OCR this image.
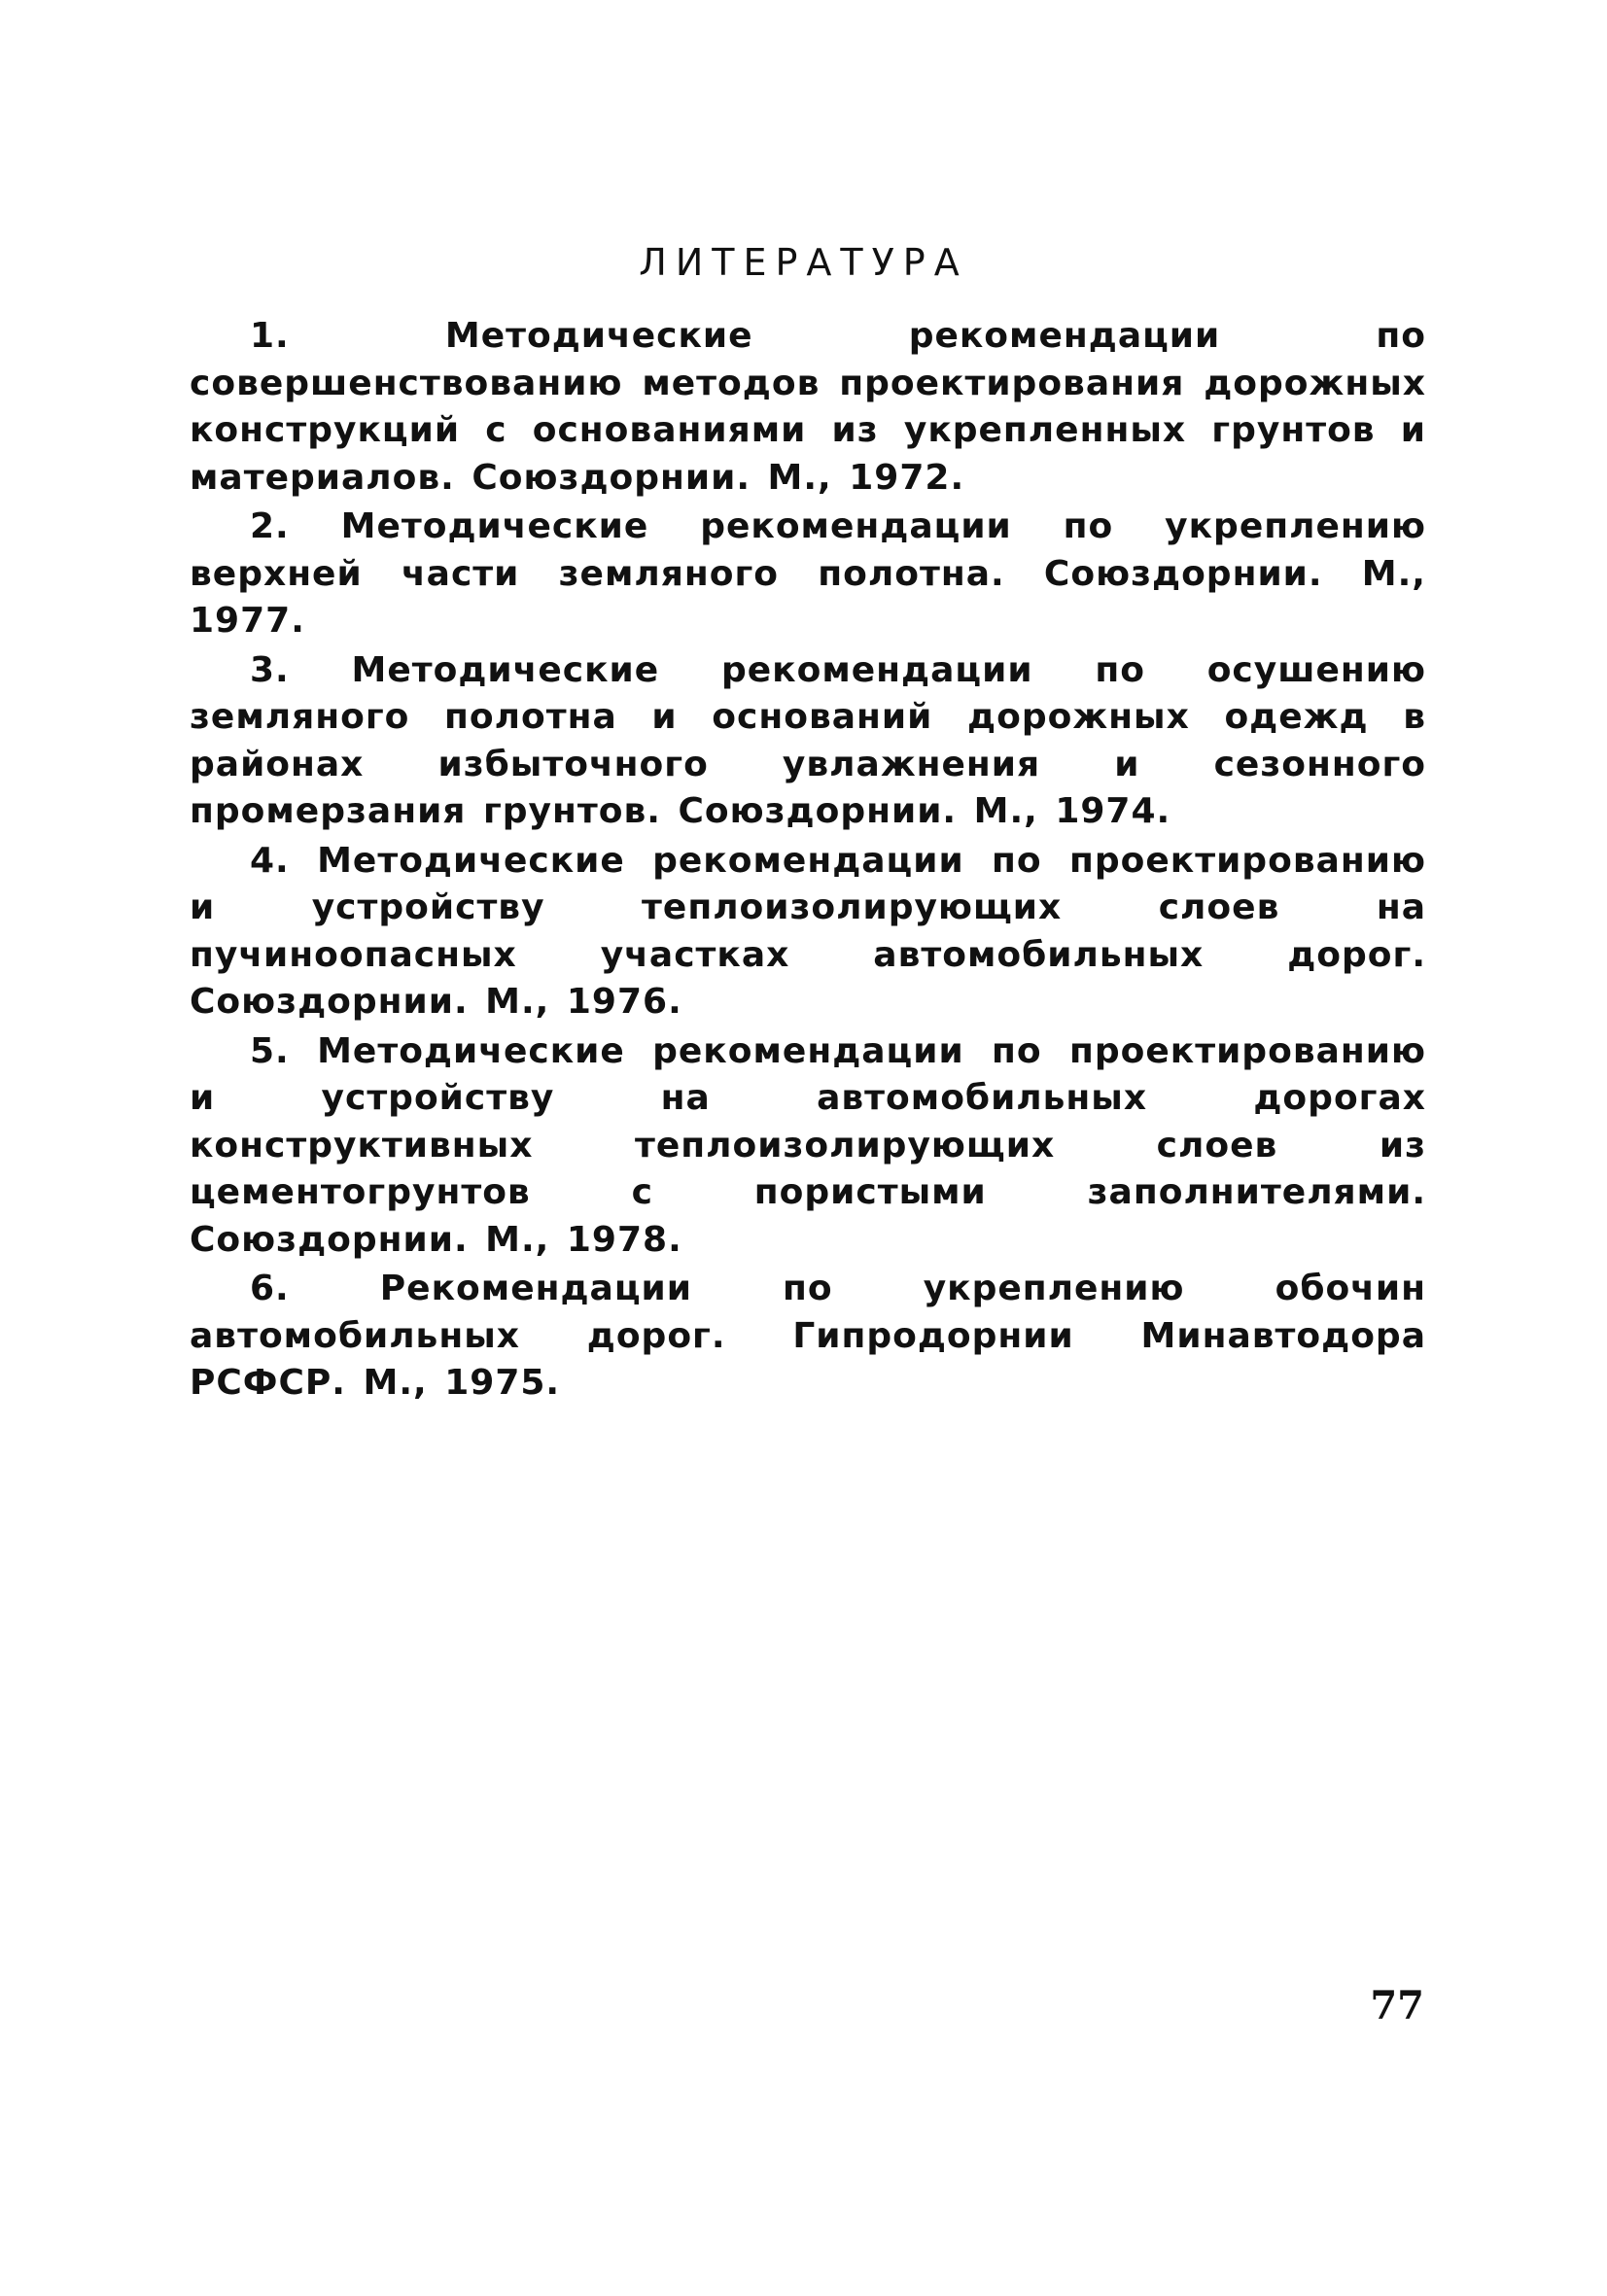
ЛИТЕРАТУРА
1.	Методические рекомендации по совершенствованию методов проектирования дорожных конструкций с основаниями из укрепленных грунтов и материалов. Союздорнии. М., 1972.
2. Методические рекомендации по укреплению верхней части земляного полотна. Союздорнии. М., 1977.
3. Методические рекомендации по осушению земляного полотна и оснований дорожных одежд в районах избыточного увлажнения и сезонного промерзания грунтов. Союздорнии. М., 1974.
4. Методические рекомендации по проектированию и устройству теплоизолирующих слоев на пучиноопасных участках автомобильных дорог. Союздорнии. М., 1976.
5. Методические рекомендации по проектированию и устройству на автомобильных дорогах конструктивных теплоизолирующих слоев из цементогрунтов с пористыми заполнителями. Союздорнии. М., 1978.
6.	Рекомендации по укреплению обочин автомобильных дорог. Гипродорнии Минавтодора РСФСР. М., 1975.
77
